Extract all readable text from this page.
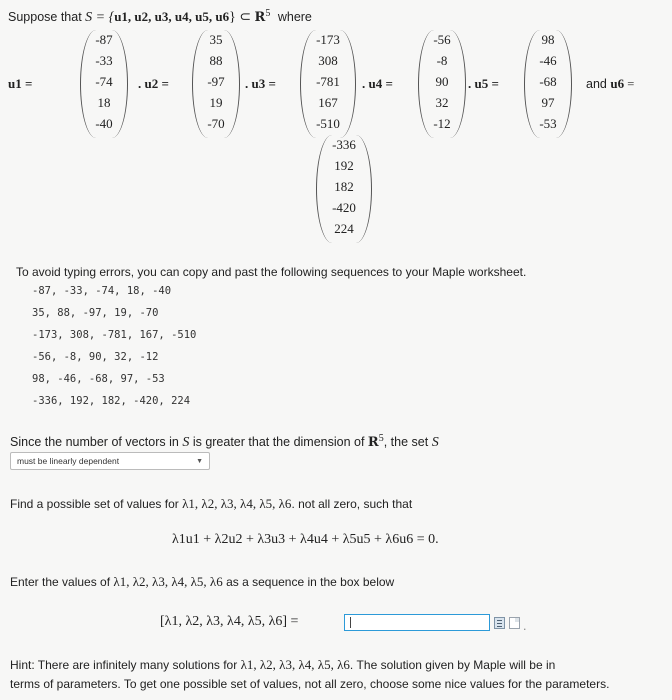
Suppose that S = {u1, u2, u3, u4, u5, u6} ⊂ $R^5$ where
u1 =	. u2 =	. u3 =	. u4 =	. u5 =	and u6 =
-87
-33
-74
18
-40
35
88
-97
19
-70
-173
308
-781
167
-510
-56
-8
90
32
-12
98
-46
-68
97
-53
-336
192
182
-420
224
To avoid typing errors, you can copy and past the following sequences to your Maple worksheet.
-87, -33, -74, 18, -40
35, 88, -97, 19, -70
-173, 308, -781, 167, -510
-56, -8, 90, 32, -12
98, -46, -68, 97, -53
-336, 192, 182, -420, 224
Since the number of vectors in S is greater that the dimension of $R^5$, the set S
must be linearly dependent	▼
Find a possible set of values for λ1, λ2, λ3, λ4, λ5, λ6. not all zero, such that
λ1u1 + λ2u2 + λ3u3 + λ4u4 + λ5u5 + λ6u6 = 0.
Enter the values of λ1, λ2, λ3, λ4, λ5, λ6 as a sequence in the box below
[λ1, λ2, λ3, λ4, λ5, λ6] =	.
Hint: There are infinitely many solutions for λ1, λ2, λ3, λ4, λ5, λ6. The solution given by Maple will be in
terms of parameters. To get one possible set of values, not all zero, choose some nice values for the parameters.
